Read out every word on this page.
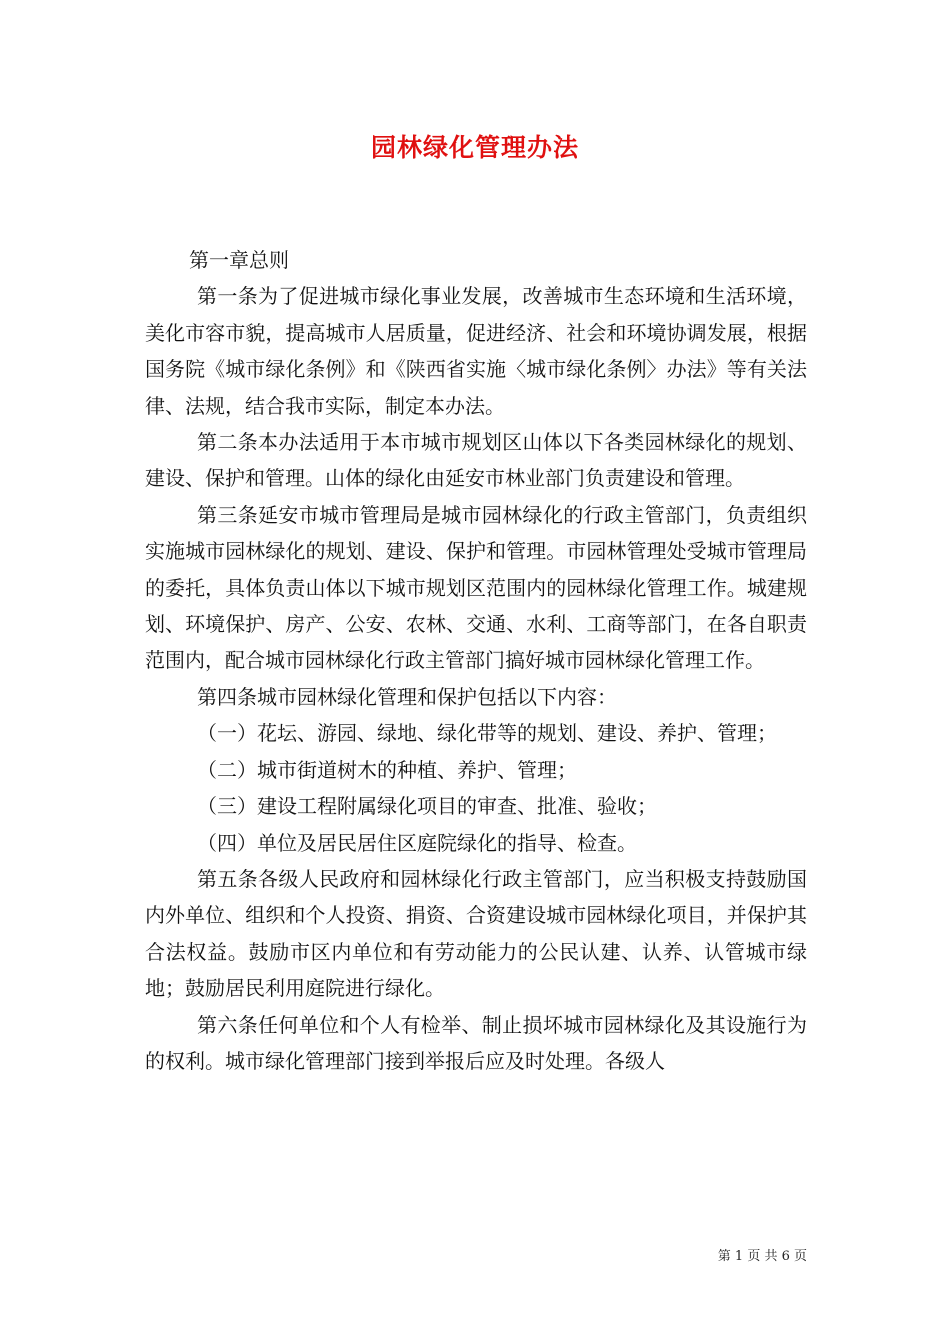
园林绿化管理办法

第一章总则

第一条为了促进城市绿化事业发展，改善城市生态环境和生活环境，美化市容市貌，提高城市人居质量，促进经济、社会和环境协调发展，根据国务院《城市绿化条例》和《陕西省实施〈城市绿化条例〉办法》等有关法律、法规，结合我市实际，制定本办法。

第二条本办法适用于本市城市规划区山体以下各类园林绿化的规划、建设、保护和管理。山体的绿化由延安市林业部门负责建设和管理。

第三条延安市城市管理局是城市园林绿化的行政主管部门，负责组织实施城市园林绿化的规划、建设、保护和管理。市园林管理处受城市管理局的委托，具体负责山体以下城市规划区范围内的园林绿化管理工作。城建规划、环境保护、房产、公安、农林、交通、水利、工商等部门，在各自职责范围内，配合城市园林绿化行政主管部门搞好城市园林绿化管理工作。

第四条城市园林绿化管理和保护包括以下内容：

（一）花坛、游园、绿地、绿化带等的规划、建设、养护、管理；

（二）城市街道树木的种植、养护、管理；

（三）建设工程附属绿化项目的审查、批准、验收；

（四）单位及居民居住区庭院绿化的指导、检查。

第五条各级人民政府和园林绿化行政主管部门，应当积极支持鼓励国内外单位、组织和个人投资、捐资、合资建设城市园林绿化项目，并保护其合法权益。鼓励市区内单位和有劳动能力的公民认建、认养、认管城市绿地；鼓励居民利用庭院进行绿化。

第六条任何单位和个人有检举、制止损坏城市园林绿化及其设施行为的权利。城市绿化管理部门接到举报后应及时处理。各级人

第 1 页 共 6 页
